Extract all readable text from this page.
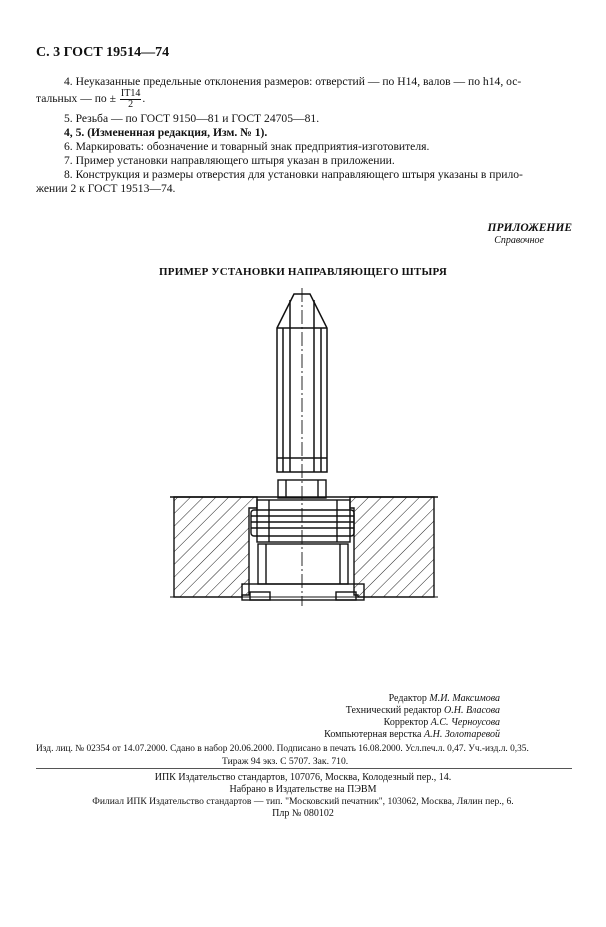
С. 3 ГОСТ 19514—74
4. Неуказанные предельные отклонения размеров: отверстий — по Н14, валов — по h14, ос-
тальных — по ± $\frac{IT14}{2}$ .
5. Резьба — по ГОСТ 9150—81 и ГОСТ 24705—81.
4, 5. (Измененная редакция, Изм. № 1).
6. Маркировать: обозначение и товарный знак предприятия-изготовителя.
7. Пример установки направляющего штыря указан в приложении.
8. Конструкция и размеры отверстия для установки направляющего штыря указаны в прило-
жении 2 к ГОСТ 19513—74.
ПРИЛОЖЕНИЕ
Справочное
ПРИМЕР УСТАНОВКИ НАПРАВЛЯЮЩЕГО ШТЫРЯ
Редактор М.И. Максимова
Технический редактор О.Н. Власова
Корректор А.С. Черноусова
Компьютерная верстка А.Н. Золотаревой
Изд. лиц. № 02354 от 14.07.2000. Сдано в набор 20.06.2000. Подписано в печать 16.08.2000. Усл.печ.л. 0,47. Уч.-изд.л. 0,35.
Тираж 94 экз. С 5707. Зак. 710.
ИПК Издательство стандартов, 107076, Москва, Колодезный пер., 14.
Набрано в Издательстве на ПЭВМ
Филиал ИПК Издательство стандартов — тип. "Московский печатник", 103062, Москва, Лялин пер., 6.
Плр № 080102
